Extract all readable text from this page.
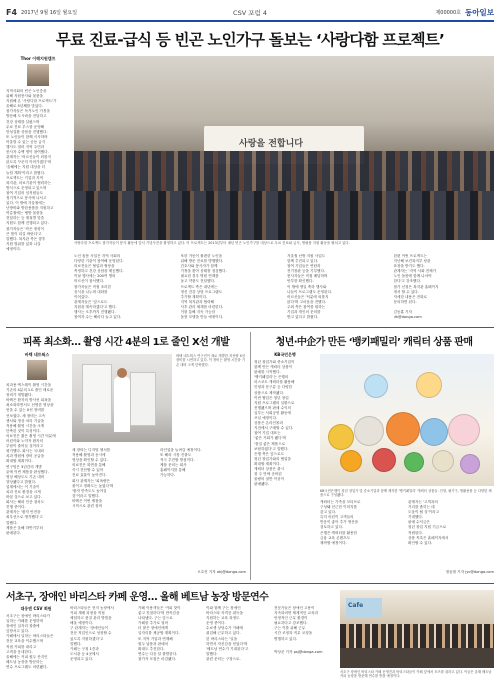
F4 2017년 9월 16일 월요일	CSV 포럼 4	제00000호 동아일보
무료 진료-급식 등 빈곤 노인가구 돌보는 ‘사랑다함 프로젝트’
Thor 이해지원캠프
지역사회의 빈곤 노인층을
위해 자원봉사와 물품을
지원해 온 '사랑다함 프로젝트'가
올해로 5년째를 맞았다.
참가자들은 독거노인 가정을
방문해 도시락을 전달하고
건강 상태를 살폈으며
무료 진료 부스를 운영해
만성질환 상담을 진행했다.
또 노인들이 함께 식사하며
어울릴 수 있는 공동 급식
행사도 열어 지역 주민과
봉사자 수백 명이 참여했다.
관계자는 '어르신들이 외롭지
않도록 꾸준히 이어가겠다'며
'올해에는 지원 대상을 더
늘릴 계획'이라고 밝혔다.
프로젝트는 기업과 지역
복지관, 의료기관이 협력하는
방식으로 운영되고 있으며
참여 기업의 임직원들도
정기적으로 봉사에 나서고
있다. 이 밖에 겨울철에는
난방비와 방한용품을 지원하고
여름철에는 냉방 물품을
전달하는 등 계절별 맞춤
지원도 함께 진행되고 있다.
참가자들은 '작은 정성이
큰 힘이 되길 바란다'고
말했다. 복지관 측은 향후
지원 범위를 넓혀 나갈
예정이다.
사랑을 전합니다
사랑다함 프로젝트 참가자들이 봉사 활동에 앞서 기념사진을 촬영하고 있다. 이 프로젝트는 2013년부터 매년 빈곤 노인가구를 대상으로 무료 진료와 급식, 생필품 지원 활동을 펼치고 있다.
노인 돌봄 사업은 지역 사회의
다양한 기관이 참여해 운영된다.
의료진들은 혈압과 혈당을
측정하고 건강 상담을 제공했다.
이날 행사에는 200여 명의
어르신이 참석했다.
참가자들은 직접 조리한
음식을 나누며 대화를
이어갔다.
관계자들은 '앞으로도
지원을 계속하겠다'고 했다.
행사는 오후까지 진행됐다.
참여자 수는 해마다 늘고 있다.
또한 거동이 불편한 노인을
위해 방문 진료를 병행했다.
간호사와 봉사자가 함께
가정을 찾아 상태를 점검했다.
필요한 경우 병원 연계를
돕고 약품도 전달했다.
프로젝트 측은 내년에는
정신 건강 상담 프로그램도
추가할 계획이다.
지역 복지관과 협력해
사후 관리 체계를 마련한다.
이를 통해 지속 가능한
돌봄 모델을 만들 예정이다.
겨울철 난방 지원 사업도
함께 추진되고 있다.
참여 기업들은 연탄과
전기장판 등을 기부했다.
봉사자들은 직접 배달하며
안부를 확인했다.
이 밖에 생일 축하 행사와
나들이 프로그램도 운영된다.
어르신들은 '덕분에 외롭지
않다'며 고마움을 전했다.
주최 측은 참여를 원하는
기업과 개인의 문의를
받고 있다고 밝혔다.
한편 이번 프로젝트는
지난해 보건복지부 장관
표창을 받기도 했다.
관계자는 '지역 사회 전체가
노인 돌봄에 함께 나서야
한다'고 강조했다.
참가 신청은 복지관 홈페이지
에서 할 수 있다.
자세한 내용은 전화로
문의하면 된다.
김동훈 기자
dh@donga.com
피폭 최소화… 촬영 시간 4분의 1로 줄인 X선 개발
바텍 네트웍스
치과용 엑스레이 촬영 시간을
기존의 4분의 1로 줄인 새로운
장비가 개발됐다.
바텍은 환자의 방사선 피폭을
최소화하면서도 선명한 영상을
얻을 수 있는 X선 장비를
선보였다. 새 장비는 고속
센서와 영상 처리 기술을
적용해 촬영 시간을 크게
단축한 것이 특징이다.
의료진은 짧은 촬영 시간 덕분에
어린이와 노약자 환자의
부담이 줄어들 것이라고
평가했다. 회사는 국내외
치과 병원에 장비 공급을
확대할 계획이다.
연구팀은 3년간의 개발
끝에 이번 제품을 완성했다.
영상 해상도도 기존 대비
향상됐다고 밝혔다.
업계에서는 이 기술이
치과 진료 환경을 크게
바꿀 것으로 보고 있다.
회사는 해외 인증 절차도
진행 중이다.
관계자는 '환자 안전을
최우선으로 생각했다'고
말했다.
제품은 올해 하반기부터
판매된다.
바텍 네트웍스 연구진이 새로 개발한 저선량 X선 장비를 시연하고 있다. 이 장비는 촬영 시간을 기존 대비 크게 단축했다.
새 장비는 디지털 센서를
적용해 촬영과 동시에
영상을 확인할 수 있다.
의료진은 화면을 통해
즉시 진단할 수 있어
진료 효율이 높아진다.
회사 관계자는 '피폭량은
줄이고 정확도는 높였다'며
'환자 만족도도 높아질
것'이라고 말했다.
바텍은 이번 제품을
시작으로 관련 장비
라인업을 늘려갈 예정이다.
또 해외 시장 진출도
적극 추진할 방침이다.
제품 문의는 회사
홈페이지를 통해
가능하다.
오호진 기자 ohj@donga.com
청년·中企가 만든 ‘뱅키패밀리’ 캐릭터 상품 판매
KB국민은행
청년 창업가와 중소기업이
함께 만든 캐릭터 상품이
판매를 시작했다.
'뱅키패밀리'는 은행의
마스코트 캐릭터를 활용해
인형과 문구류 등 다양한
상품으로 제작됐다.
이번 협업은 청년 창업
지원 프로그램의 일환으로
진행됐으며 판매 수익의
일부는 사회공헌 활동에
쓰일 예정이다.
상품은 온라인몰과
지점에서 구매할 수 있다.
참여 기업 대표는
'좋은 기회가 됐다'며
'품질 좋은 제품으로
보답하겠다'고 말했다.
은행 측은 앞으로도
청년 창업가와의 협업을
확대할 계획이다.
캐릭터 상품은 출시
첫 주 만에 준비된
물량의 절반 이상이
판매됐다.
KB국민은행이 청년 창업가 및 중소기업과 함께 제작한 '뱅키패밀리' 캐릭터 상품들. 인형, 필기구, 생활용품 등 다양한 제품으로 구성됐다.
캐릭터는 가족을 모티브로
구성돼 친근한 이미지를
갖고 있다.
특히 어린이 고객들의
반응이 좋아 추가 생산을
검토하고 있다.
은행은 캐릭터를 활용한
금융 교육 콘텐츠도
제작할 예정이다.
관계자는 '고객과의
거리를 좁히는 데
도움이 될 것'이라고
기대했다.
판매 수익금은
청년 창업 지원 기금으로
적립된다.
상품 목록은 홈페이지에서
확인할 수 있다.
정윤철 기자 jyc@donga.com
서초구, 장애인 바리스타 카페 운영… 올해 베트남 농장 방문연수
대웅엔 CSV 회원
서초구는 장애인 바리스타가
일하는 카페를 운영하며
장애인 일자리 창출에
앞장서고 있다.
카페에서 일하는 바리스타들은
전문 교육을 이수했으며
직접 커피를 내리고
고객을 응대한다.
올해에는 커피 원두 산지인
베트남 농장을 방문하는
연수 프로그램도 마련됐다.
바리스타들은 현지 농장에서
커피 재배 과정을 직접
체험하고 품질 관리 방법을
배울 예정이다.
구 관계자는 '장애인들이
전문 직업인으로 성장할 수
있도록 지원하겠다'고
말했다.
카페는 구청 1층과
도서관 등 4곳에서
운영되고 있다.
카페 이용객들은 '커피 맛이
좋고 친절하다'며 만족감을
나타냈다. 구는 앞으로
카페를 추가로 열어
더 많은 장애인에게
일자리를 제공할 계획이다.
또 지역 기업과 연계해
원두 납품과 판매처
확대도 추진한다.
연수는 다음 달 출발한다.
참가자 모집은 마감됐다.
이와 함께 구는 장애인
바리스타 자격증 취득을
지원하는 교육 과정도
운영 중이다.
수료생 상당수가 카페에
취업해 근무하고 있다.
한 바리스타는 '일을
하면서 자신감을 얻었다'며
'베트남 연수가 기대된다'고
말했다.
관련 문의는 구청으로.
전문가들은 장애인 고용이
지속되려면 체계적인 교육과
안정적인 근무 환경이
필요하다고 강조했다.
구는 이를 위해 근무
시간 조정과 직무 코칭을
병행하고 있다.
박상준 기자 psj@donga.com
Cafe
서초구 장애인 바리스타 카페 운영진과 바리스타들이 카페 앞에서 포즈를 취하고 있다. 이들은 올해 베트남 커피 농장을 방문해 연수를 받을 예정이다.
